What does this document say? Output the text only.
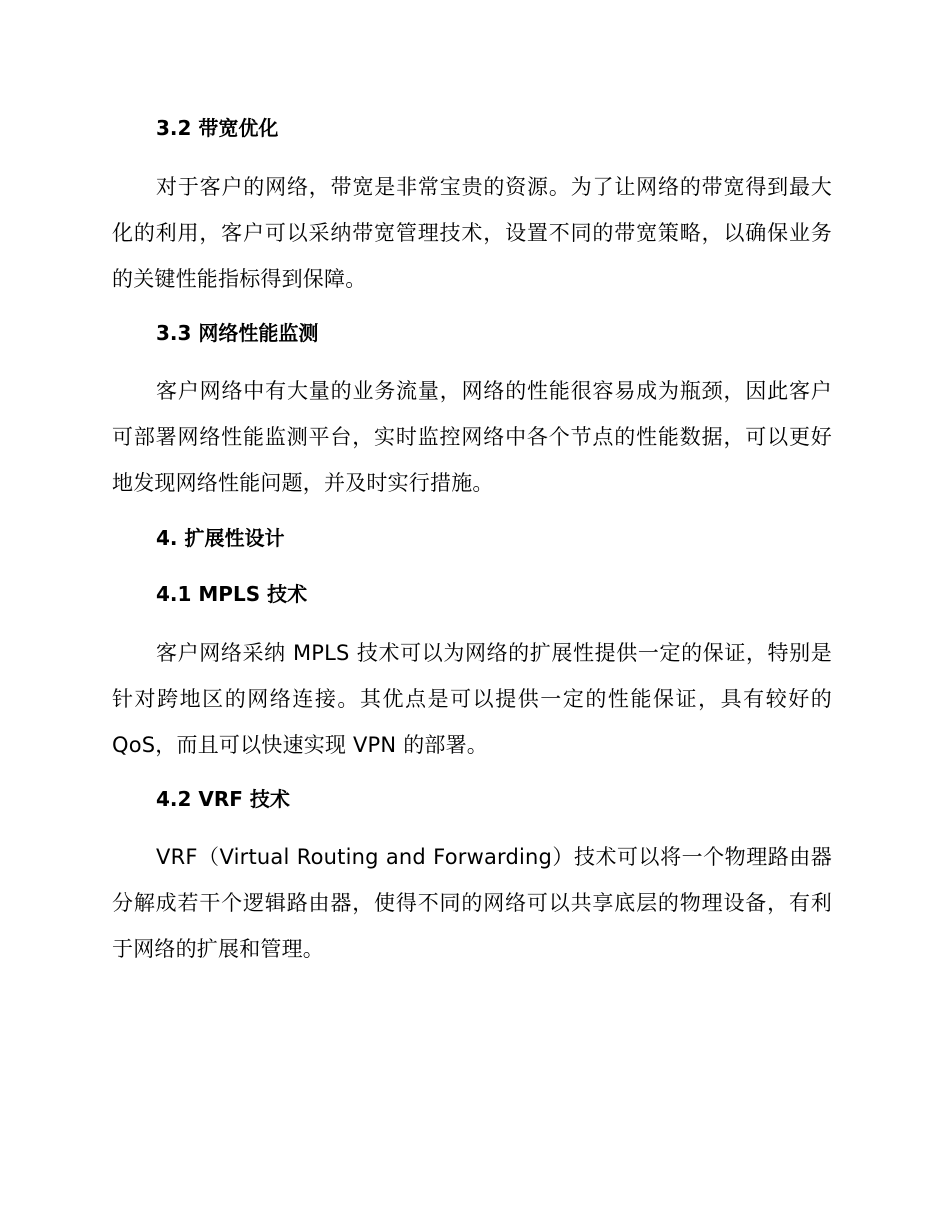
3.2 带宽优化

对于客户的网络，带宽是非常宝贵的资源。为了让网络的带宽得到最大化的利用，客户可以采纳带宽管理技术，设置不同的带宽策略，以确保业务的关键性能指标得到保障。

3.3 网络性能监测

客户网络中有大量的业务流量，网络的性能很容易成为瓶颈，因此客户可部署网络性能监测平台，实时监控网络中各个节点的性能数据，可以更好地发现网络性能问题，并及时实行措施。

4. 扩展性设计
4.1 MPLS 技术

客户网络采纳 MPLS 技术可以为网络的扩展性提供一定的保证，特别是针对跨地区的网络连接。其优点是可以提供一定的性能保证，具有较好的 QoS，而且可以快速实现 VPN 的部署。

4.2 VRF 技术

VRF（Virtual Routing and Forwarding）技术可以将一个物理路由器分解成若干个逻辑路由器，使得不同的网络可以共享底层的物理设备，有利于网络的扩展和管理。
